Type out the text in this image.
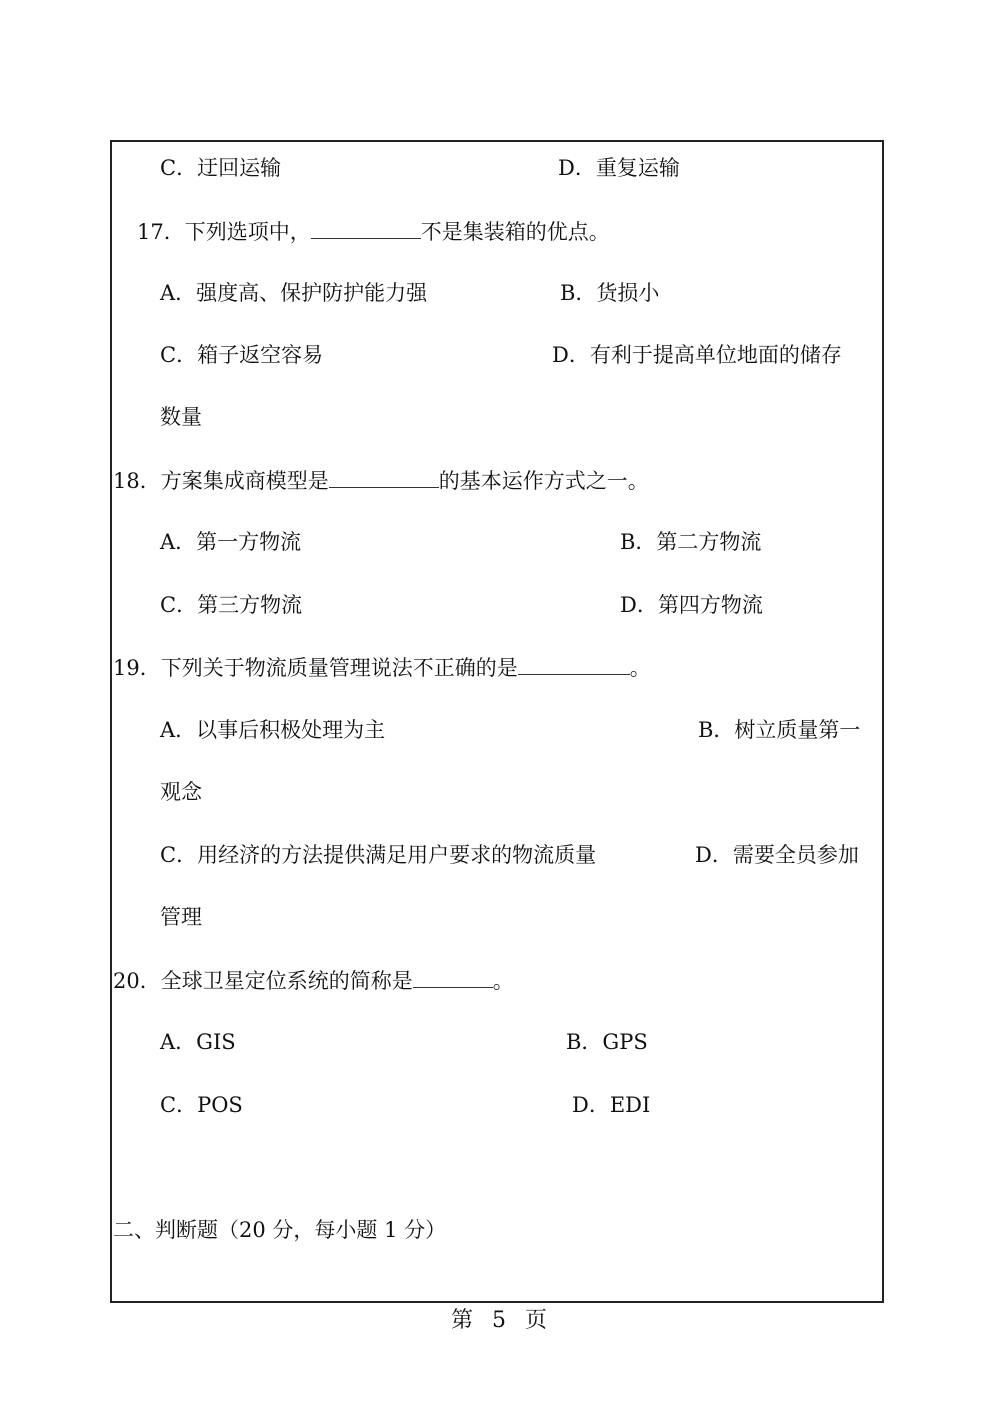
C．迂回运输	D．重复运输
17．下列选项中，	不是集装箱的优点。
A．强度高、保护防护能力强	B．货损小
C．箱子返空容易	D．有利于提高单位地面的储存
数量
18．方案集成商模型是	的基本运作方式之一。
A．第一方物流	B．第二方物流
C．第三方物流	D．第四方物流
19．下列关于物流质量管理说法不正确的是	。
A．以事后积极处理为主	B．树立质量第一
观念
C．用经济的方法提供满足用户要求的物流质量	D．需要全员参加
管理
20．全球卫星定位系统的简称是	。
A．GIS	B．GPS
C．POS	D．EDI
二、判断题（20 分，每小题 1 分）
第 5 页
